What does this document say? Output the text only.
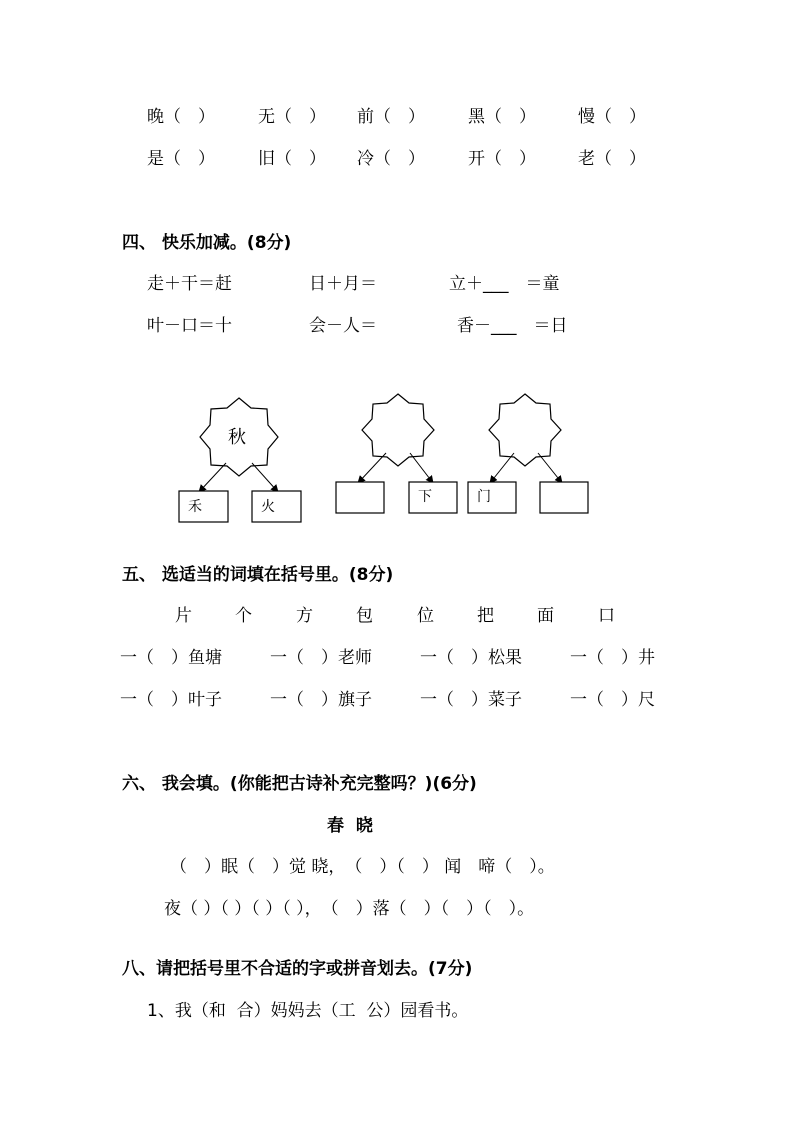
晚（　）	无（　） 前（　）	黑（　） 慢（　）
是（　）	旧（　） 冷（　）	开（　） 老（　）
四、 快乐加减。(8分)
走＋干＝赶	日＋月＝	立＋___　＝童
叶－口＝十	会－人＝	香－___　＝日
秋
禾	火
下	门
五、 选适当的词填在括号里。(8分)
片	个	方	包	位	把	面	口
一（　）鱼塘	一（　）老师	一（　）松果	一（　）井
一（　）叶子	一（　）旗子	一（　）菜子	一（　）尺
六、 我会填。(你能把古诗补充完整吗？)(6分)
春  晓
（　）眠（　）觉 晓，　（　）（　） 闻　啼（　）。
夜（ ）（ ）（ ）（ ），　（　）落（　）（　）（　）。
八、请把括号里不合适的字或拼音划去。(7分)
1、我（和  合）妈妈去（工  公）园看书。
